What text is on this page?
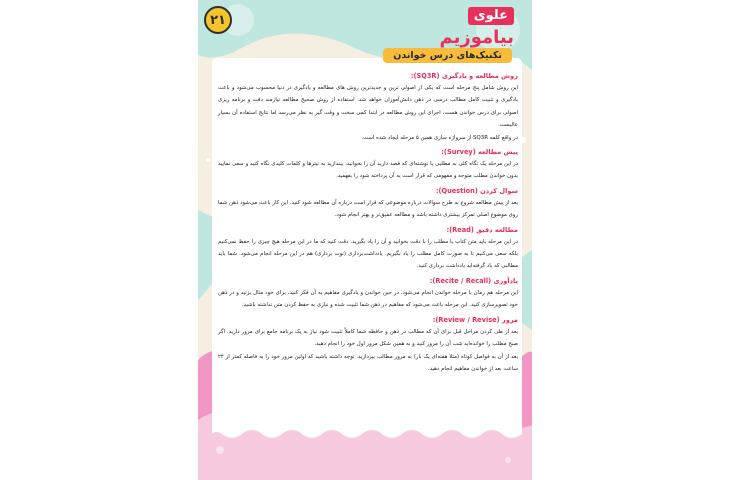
۲۱	علوی
بیاموزیم
تکنیک‌های درس خواندن
روش مطالعه و یادگیری (SQ3R):

این روش شامل پنج مرحله است که یکی از اصولی ترین و جدیدترین روش های مطالعه و یادگیری در دنیا محسوب می‌شود و باعث یادگیری و تثبیت کامل مطالب درسی در ذهن دانش‌آموزان خواهد شد. استفاده از روش صحیح مطالعه نیازمند دقت و برنامه ریزی اصولی برای درس خواندن هست، اجرای این روش مطالعه در ابتدا کمی سخت و وقت گیر به نظر می‌رسد اما نتایج استفاده آن بسیار عالیست.

در واقع کلمه SQ3R از سرواژه سازی همین ۵ مرحله ایجاد شده است.

پیش مطالعه (Survey):

در این مرحله یک نگاه کلی به مطلبی یا نوشته‌ای که قصد دارید آن را بخوانید، بیندازید به تیترها و کلمات کلیدی نگاه کنید و سعی نمایید بدون خواندن مطلب متوجه و مفهومی که قرار است به آن پرداخته شود را بفهمید.

سوال کردن (Question):

بعد از پیش مطالعه شروع به طرح سوالات درباره موضوعی که قرار است درباره آن مطالعه شود کنید. این کار باعث می‌شود ذهن شما روی موضوع اصلی تمرکز بیشتری داشته باشد و مطالعه عمیق‌تر و بهتر انجام شود.

مطالعه دقیق (Read):

در این مرحله باید متن کتاب یا مطلب را با دقت بخوانید و آن را یاد بگیرید. دقت کنید که ما در این مرحله هیچ چیزی را حفظ نمی‌کنیم بلکه سعی می‌کنیم تا به صورت کامل مطلب را یاد بگیریم. یادداشت‌برداری (نوت برداری) هم در این مرحله انجام می‌شود. شما باید مطالبی که یاد گرفته‌اید یادداشت برداری کنید.

یادآوری (Recite / Recall):

این مرحله هم زمان با مرحله خواندن انجام می‌شود. در حین خواندن و یادگیری مفاهیم به آن فکر کنید، برای خود مثال بزنید و در ذهن خود تصویرسازی کنید. این مرحله باعث می‌شود که مفاهیم در ذهن شما تثبیت شده و نیازی به حفظ کردن متن نداشته باشید.

مرور (Review / Revise):

بعد از طی کردن مراحل قبل برای آن که مطالب در ذهن و حافظه شما کاملاً تثبیت شود نیاز به یک برنامه جامع برای مرور دارید. اگر صبح مطلب را خوانده‌اید شب آن را مرور کنید و به همین شکل مرور اول خود را انجام دهید.

بعد از آن به فواصل کوتاه (مثلا هفته‌ای یک بار) به مرور مطالب بپردازید. توجه داشته باشید که اولین مرور خود را به فاصله کمتر از ۲۴ ساعت بعد از خواندن مفاهیم انجام دهید.
